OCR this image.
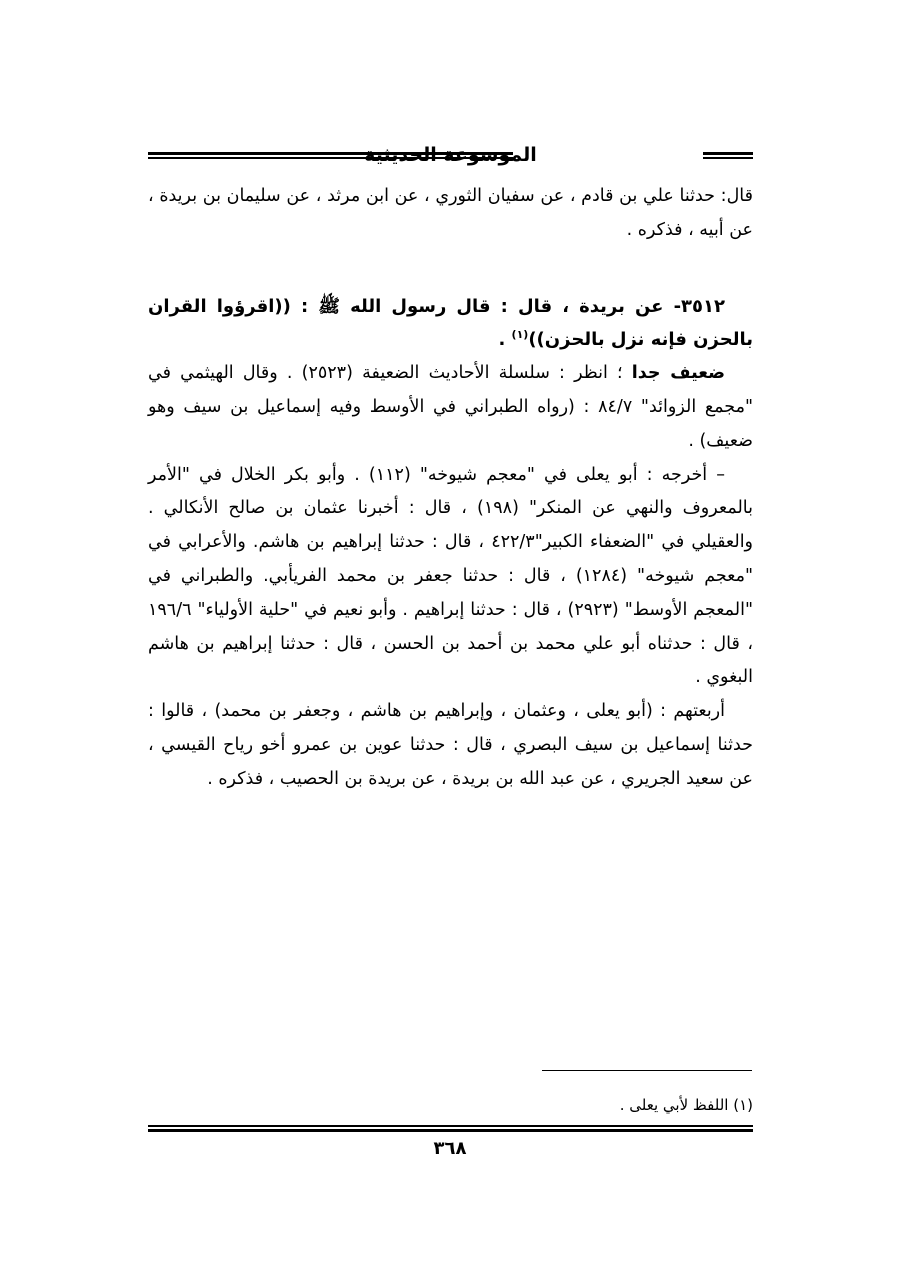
الموسوعة الحديثية

قال: حدثنا علي بن قادم ، عن سفيان الثوري ، عن ابن مرثد ، عن سليمان بن بريدة ، عن أبيه ، فذكره .

٣٥١٢- عن بريدة ، قال : قال رسول الله ﷺ : ((اقرؤوا القران بالحزن فإنه نزل بالحزن))$^{(١)}$ .

ضعيف جدا ؛ انظر : سلسلة الأحاديث الضعيفة (٢٥٢٣) . وقال الهيثمي في "مجمع الزوائد" ٨٤/٧ : (رواه الطبراني في الأوسط وفيه إسماعيل بن سيف وهو ضعيف) .

– أخرجه : أبو يعلى في "معجم شيوخه" (١١٢) . وأبو بكر الخلال في "الأمر بالمعروف والنهي عن المنكر" (١٩٨) ، قال : أخبرنا عثمان بن صالح الأنكالي . والعقيلي في "الضعفاء الكبير"٤٢٢/٣ ، قال : حدثنا إبراهيم بن هاشم. والأعرابي في "معجم شيوخه" (١٢٨٤) ، قال : حدثنا جعفر بن محمد الفريأبي. والطبراني في "المعجم الأوسط" (٢٩٢٣) ، قال : حدثنا إبراهيم . وأبو نعيم في "حلية الأولياء" ١٩٦/٦ ، قال : حدثناه أبو علي محمد بن أحمد بن الحسن ، قال : حدثنا إبراهيم بن هاشم البغوي .

أربعتهم : (أبو يعلى ، وعثمان ، وإبراهيم بن هاشم ، وجعفر بن محمد) ، قالوا : حدثنا إسماعيل بن سيف البصري ، قال : حدثنا عوين بن عمرو أخو رياح القيسي ، عن سعيد الجريري ، عن عبد الله بن بريدة ، عن بريدة بن الحصيب ، فذكره .

(١) اللفظ لأبي يعلى .
٣٦٨
